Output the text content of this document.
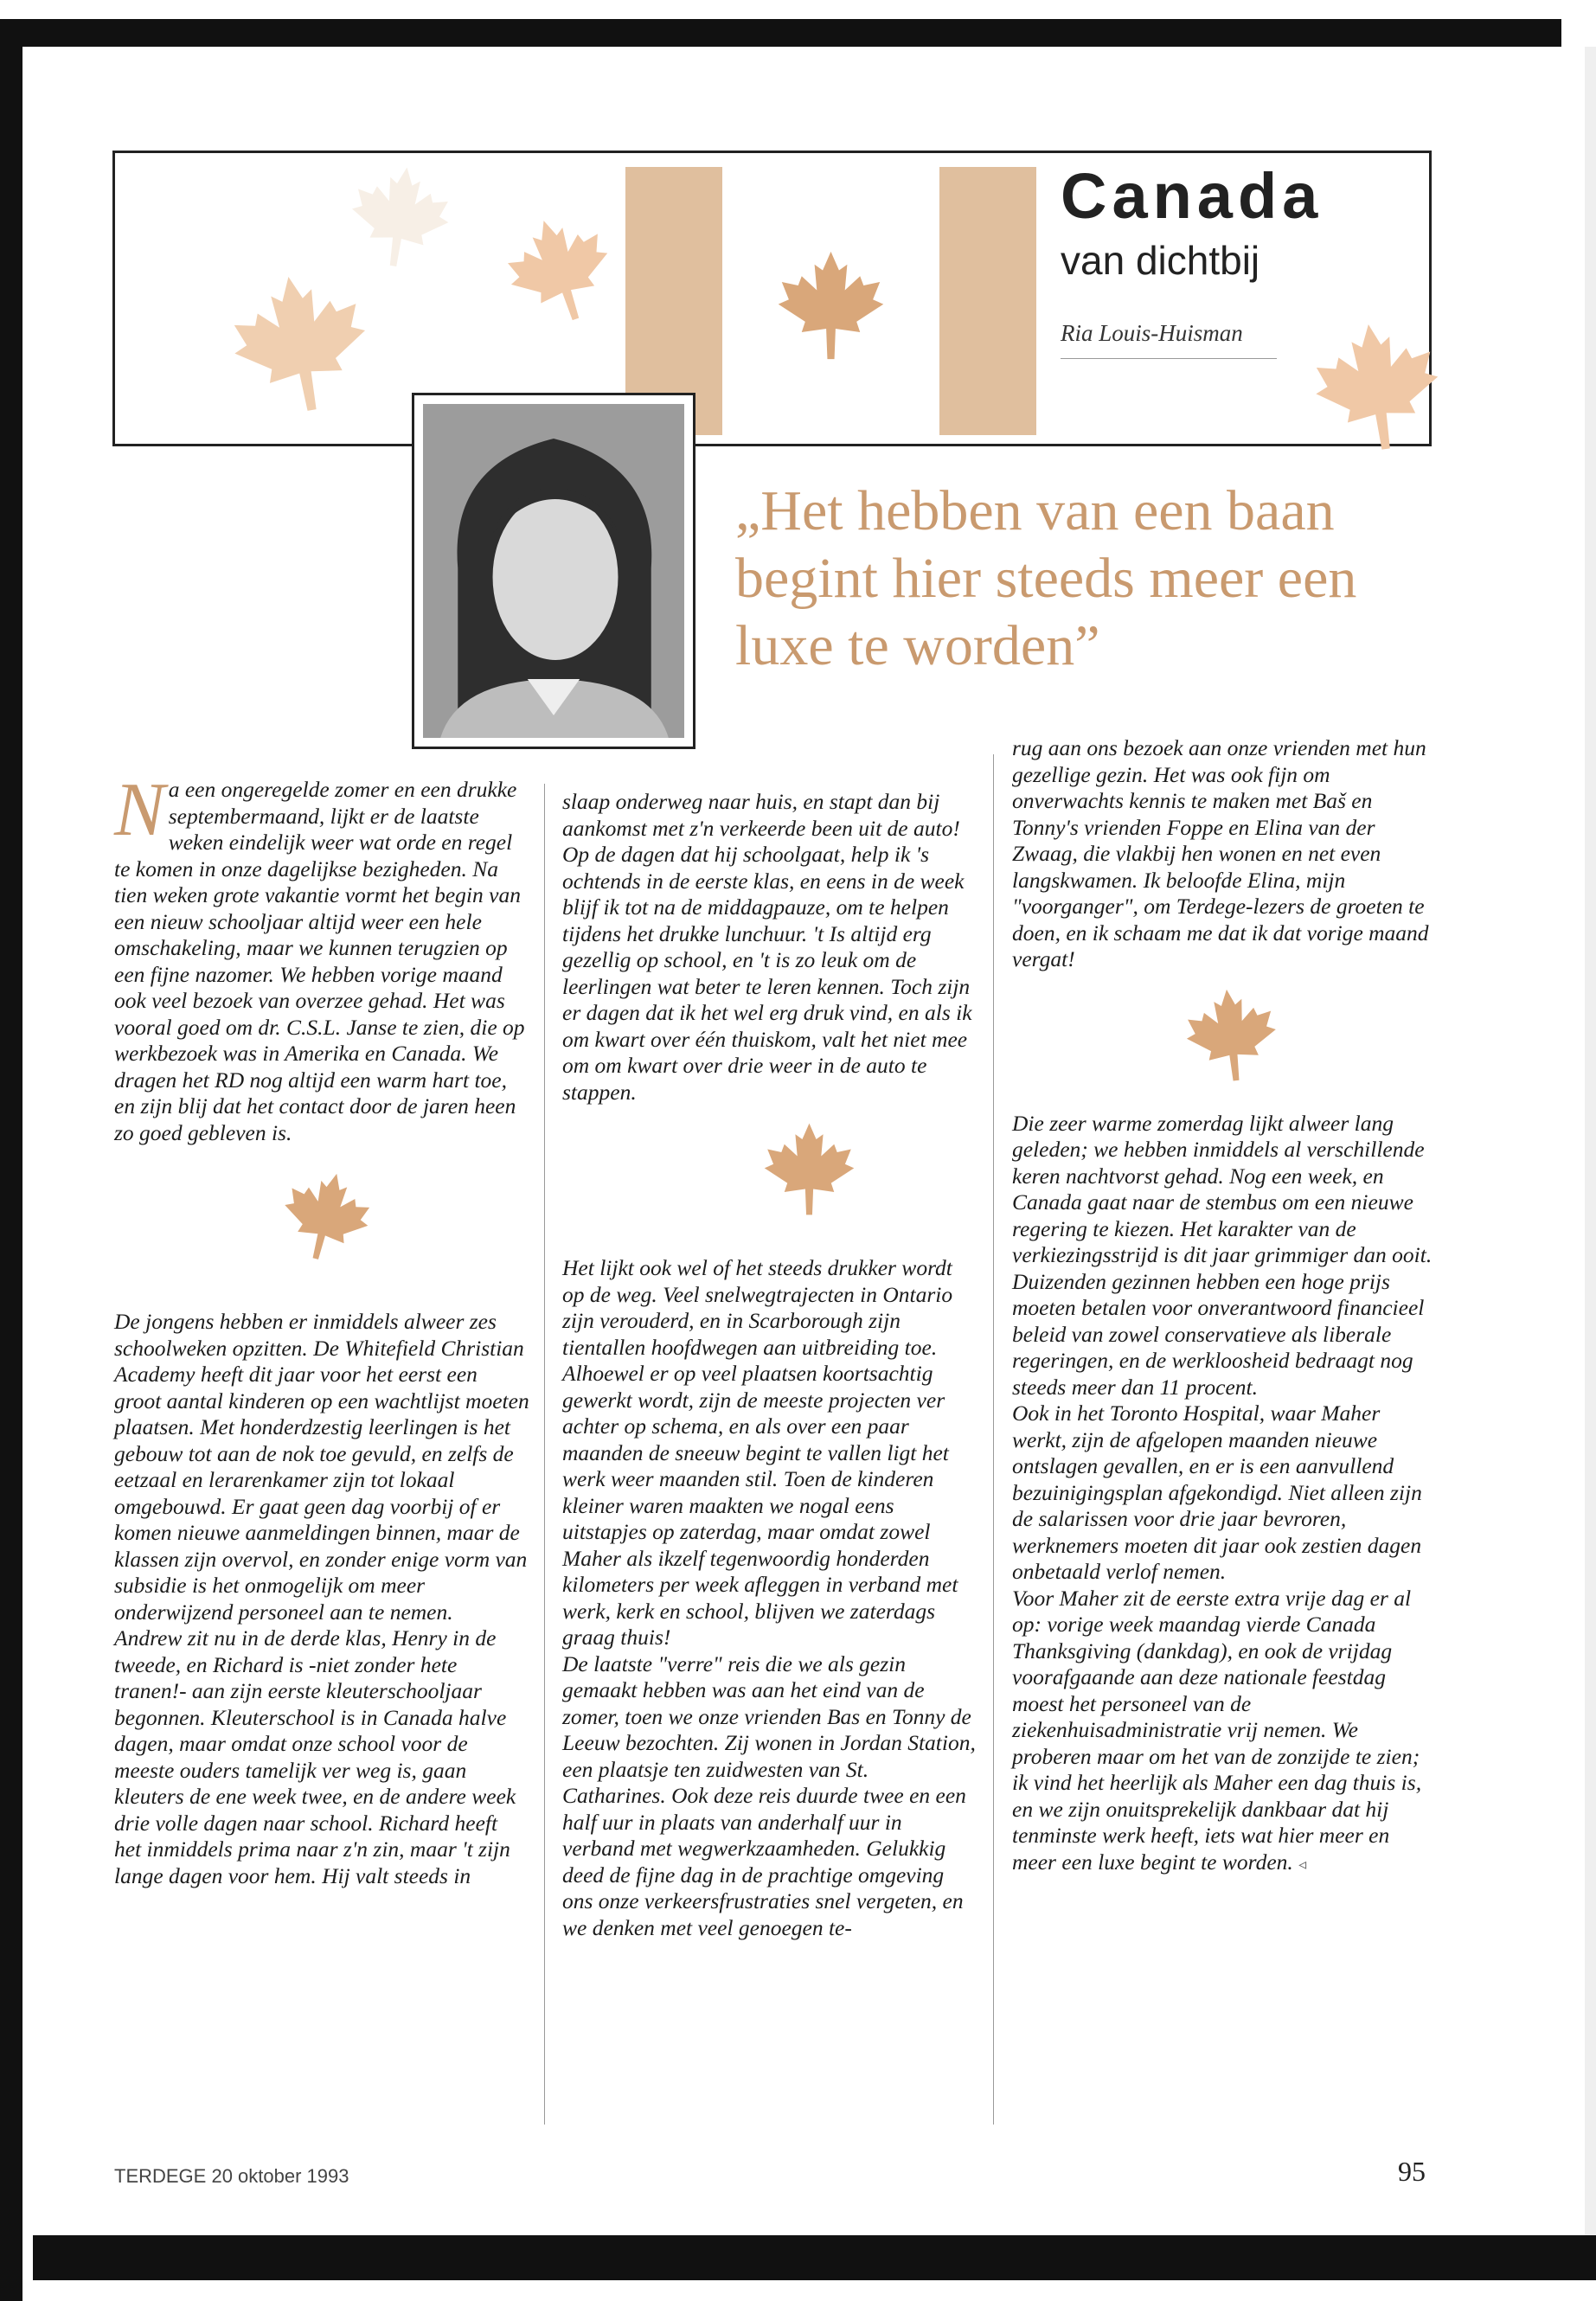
Canada
van dichtbij
Ria Louis-Huisman
„Het hebben van een baan begint hier steeds meer een luxe te worden”

Na een ongeregelde zomer en een drukke septembermaand, lijkt er de laatste weken eindelijk weer wat orde en regel te komen in onze dagelijkse bezigheden. Na tien weken grote vakantie vormt het begin van een nieuw schooljaar altijd weer een hele omschakeling, maar we kunnen terugzien op een fijne nazomer. We hebben vorige maand ook veel bezoek van overzee gehad. Het was vooral goed om dr. C.S.L. Janse te zien, die op werkbezoek was in Amerika en Canada. We dragen het RD nog altijd een warm hart toe, en zijn blij dat het contact door de jaren heen zo goed gebleven is.

De jongens hebben er inmiddels alweer zes schoolweken opzitten. De Whitefield Christian Academy heeft dit jaar voor het eerst een groot aantal kinderen op een wachtlijst moeten plaatsen. Met honderdzestig leerlingen is het gebouw tot aan de nok toe gevuld, en zelfs de eetzaal en lerarenkamer zijn tot lokaal omgebouwd. Er gaat geen dag voorbij of er komen nieuwe aanmeldingen binnen, maar de klassen zijn overvol, en zonder enige vorm van subsidie is het onmogelijk om meer onderwijzend personeel aan te nemen.

Andrew zit nu in de derde klas, Henry in de tweede, en Richard is -niet zonder hete tranen!- aan zijn eerste kleuterschooljaar begonnen. Kleuterschool is in Canada halve dagen, maar omdat onze school voor de meeste ouders tamelijk ver weg is, gaan kleuters de ene week twee, en de andere week drie volle dagen naar school. Richard heeft het inmiddels prima naar z'n zin, maar 't zijn lange dagen voor hem. Hij valt steeds in

slaap onderweg naar huis, en stapt dan bij aankomst met z'n verkeerde been uit de auto! Op de dagen dat hij schoolgaat, help ik 's ochtends in de eerste klas, en eens in de week blijf ik tot na de middagpauze, om te helpen tijdens het drukke lunchuur. 't Is altijd erg gezellig op school, en 't is zo leuk om de leerlingen wat beter te leren kennen. Toch zijn er dagen dat ik het wel erg druk vind, en als ik om kwart over één thuiskom, valt het niet mee om om kwart over drie weer in de auto te stappen.

Het lijkt ook wel of het steeds drukker wordt op de weg. Veel snelwegtrajecten in Ontario zijn verouderd, en in Scarborough zijn tientallen hoofdwegen aan uitbreiding toe. Alhoewel er op veel plaatsen koortsachtig gewerkt wordt, zijn de meeste projecten ver achter op schema, en als over een paar maanden de sneeuw begint te vallen ligt het werk weer maanden stil. Toen de kinderen kleiner waren maakten we nogal eens uitstapjes op zaterdag, maar omdat zowel Maher als ikzelf tegenwoordig honderden kilometers per week afleggen in verband met werk, kerk en school, blijven we zaterdags graag thuis!

De laatste "verre" reis die we als gezin gemaakt hebben was aan het eind van de zomer, toen we onze vrienden Bas en Tonny de Leeuw bezochten. Zij wonen in Jordan Station, een plaatsje ten zuidwesten van St. Catharines. Ook deze reis duurde twee en een half uur in plaats van anderhalf uur in verband met wegwerkzaamheden. Gelukkig deed de fijne dag in de prachtige omgeving ons onze verkeersfrustraties snel vergeten, en we denken met veel genoegen te-

rug aan ons bezoek aan onze vrienden met hun gezellige gezin. Het was ook fijn om onverwachts kennis te maken met Baš en Tonny's vrienden Foppe en Elina van der Zwaag, die vlakbij hen wonen en net even langskwamen. Ik beloofde Elina, mijn "voorganger", om Terdege-lezers de groeten te doen, en ik schaam me dat ik dat vorige maand vergat!

Die zeer warme zomerdag lijkt alweer lang geleden; we hebben inmiddels al verschillende keren nachtvorst gehad. Nog een week, en Canada gaat naar de stembus om een nieuwe regering te kiezen. Het karakter van de verkiezingsstrijd is dit jaar grimmiger dan ooit. Duizenden gezinnen hebben een hoge prijs moeten betalen voor onverantwoord financieel beleid van zowel conservatieve als liberale regeringen, en de werkloosheid bedraagt nog steeds meer dan 11 procent.

Ook in het Toronto Hospital, waar Maher werkt, zijn de afgelopen maanden nieuwe ontslagen gevallen, en er is een aanvullend bezuinigingsplan afgekondigd. Niet alleen zijn de salarissen voor drie jaar bevroren, werknemers moeten dit jaar ook zestien dagen onbetaald verlof nemen.

Voor Maher zit de eerste extra vrije dag er al op: vorige week maandag vierde Canada Thanksgiving (dankdag), en ook de vrijdag voorafgaande aan deze nationale feestdag moest het personeel van de ziekenhuisadministratie vrij nemen. We proberen maar om het van de zonzijde te zien; ik vind het heerlijk als Maher een dag thuis is, en we zijn onuitsprekelijk dankbaar dat hij tenminste werk heeft, iets wat hier meer en meer een luxe begint te worden. ◃

TERDEGE 20 oktober 1993	95
